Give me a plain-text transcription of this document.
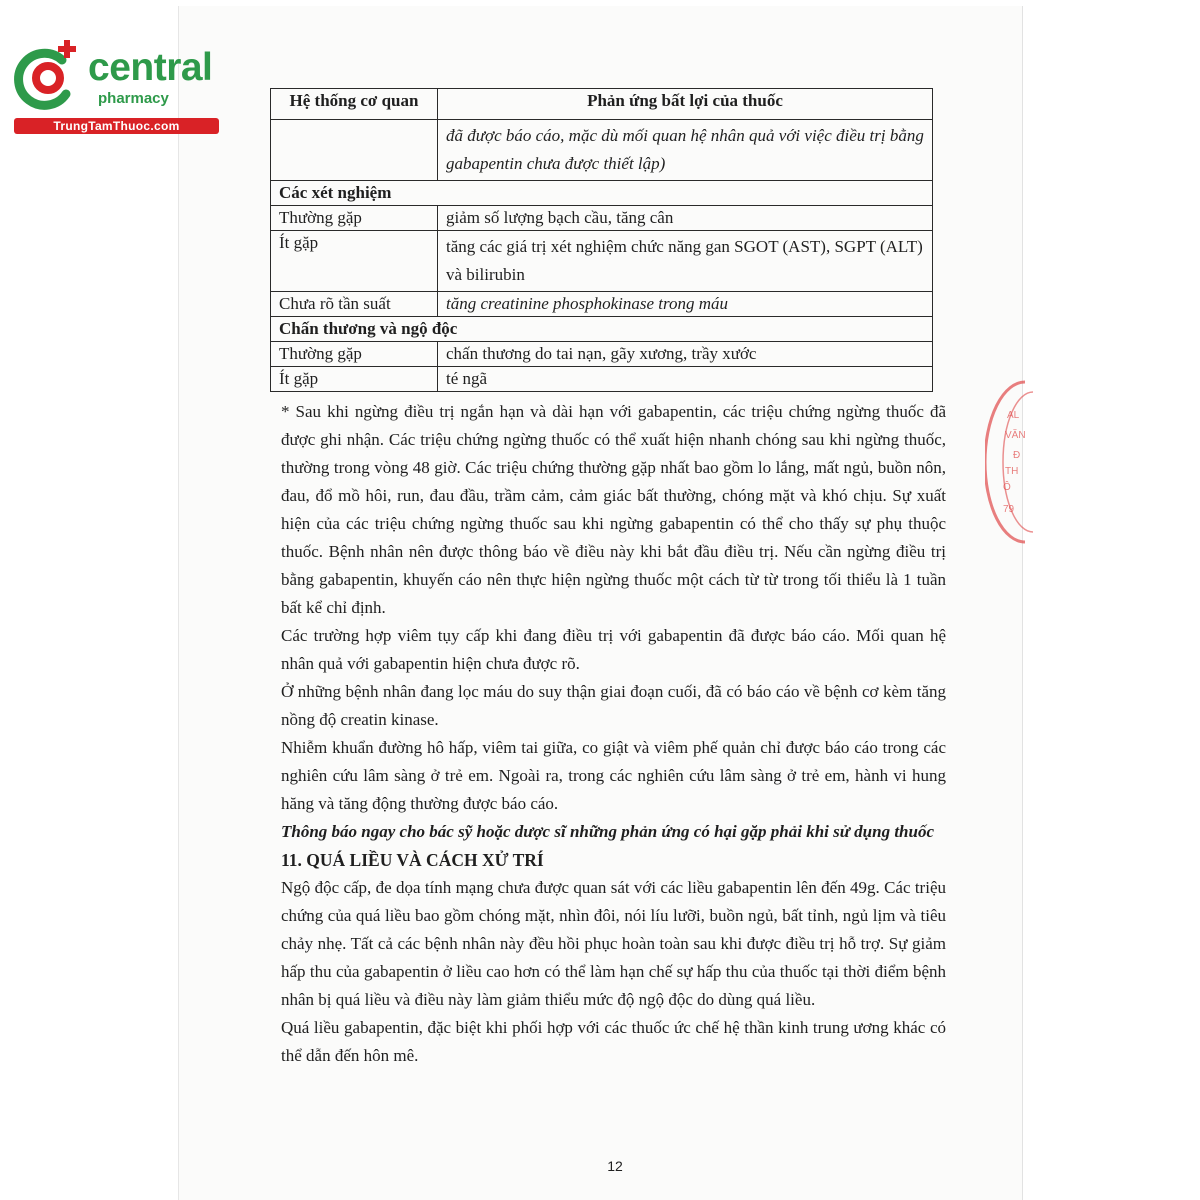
central
pharmacy
TrungTamThuoc.com
Hệ thống cơ quan	Phản ứng bất lợi của thuốc
	đã được báo cáo, mặc dù mối quan hệ nhân quả với việc điều trị bằng gabapentin chưa được thiết lập)
Các xét nghiệm	
Thường gặp	giảm số lượng bạch cầu, tăng cân
Ít gặp	tăng các giá trị xét nghiệm chức năng gan SGOT (AST), SGPT (ALT) và bilirubin
Chưa rõ tần suất	tăng creatinine phosphokinase trong máu
Chấn thương và ngộ độc	
Thường gặp	chấn thương do tai nạn, gãy xương, trầy xước
Ít gặp	té ngã

* Sau khi ngừng điều trị ngắn hạn và dài hạn với gabapentin, các triệu chứng ngừng thuốc đã được ghi nhận. Các triệu chứng ngừng thuốc có thể xuất hiện nhanh chóng sau khi ngừng thuốc, thường trong vòng 48 giờ. Các triệu chứng thường gặp nhất bao gồm lo lắng, mất ngủ, buồn nôn, đau, đổ mồ hôi, run, đau đầu, trầm cảm, cảm giác bất thường, chóng mặt và khó chịu. Sự xuất hiện của các triệu chứng ngừng thuốc sau khi ngừng gabapentin có thể cho thấy sự phụ thuộc thuốc. Bệnh nhân nên được thông báo về điều này khi bắt đầu điều trị. Nếu cần ngừng điều trị bằng gabapentin, khuyến cáo nên thực hiện ngừng thuốc một cách từ từ trong tối thiểu là 1 tuần bất kể chỉ định.

Các trường hợp viêm tụy cấp khi đang điều trị với gabapentin đã được báo cáo. Mối quan hệ nhân quả với gabapentin hiện chưa được rõ.

Ở những bệnh nhân đang lọc máu do suy thận giai đoạn cuối, đã có báo cáo về bệnh cơ kèm tăng nồng độ creatin kinase.

Nhiễm khuẩn đường hô hấp, viêm tai giữa, co giật và viêm phế quản chỉ được báo cáo trong các nghiên cứu lâm sàng ở trẻ em. Ngoài ra, trong các nghiên cứu lâm sàng ở trẻ em, hành vi hung hăng và tăng động thường được báo cáo.

Thông báo ngay cho bác sỹ hoặc dược sĩ những phản ứng có hại gặp phải khi sử dụng thuốc

11. QUÁ LIỀU VÀ CÁCH XỬ TRÍ

Ngộ độc cấp, đe dọa tính mạng chưa được quan sát với các liều gabapentin lên đến 49g. Các triệu chứng của quá liều bao gồm chóng mặt, nhìn đôi, nói líu lưỡi, buồn ngủ, bất tỉnh, ngủ lịm và tiêu chảy nhẹ. Tất cả các bệnh nhân này đều hồi phục hoàn toàn sau khi được điều trị hỗ trợ. Sự giảm hấp thu của gabapentin ở liều cao hơn có thể làm hạn chế sự hấp thu của thuốc tại thời điểm bệnh nhân bị quá liều và điều này làm giảm thiểu mức độ ngộ độc do dùng quá liều.

Quá liều gabapentin, đặc biệt khi phối hợp với các thuốc ức chế hệ thần kinh trung ương khác có thể dẫn đến hôn mê.

12
AL
VĂN
Đ
TH
Ô
79
